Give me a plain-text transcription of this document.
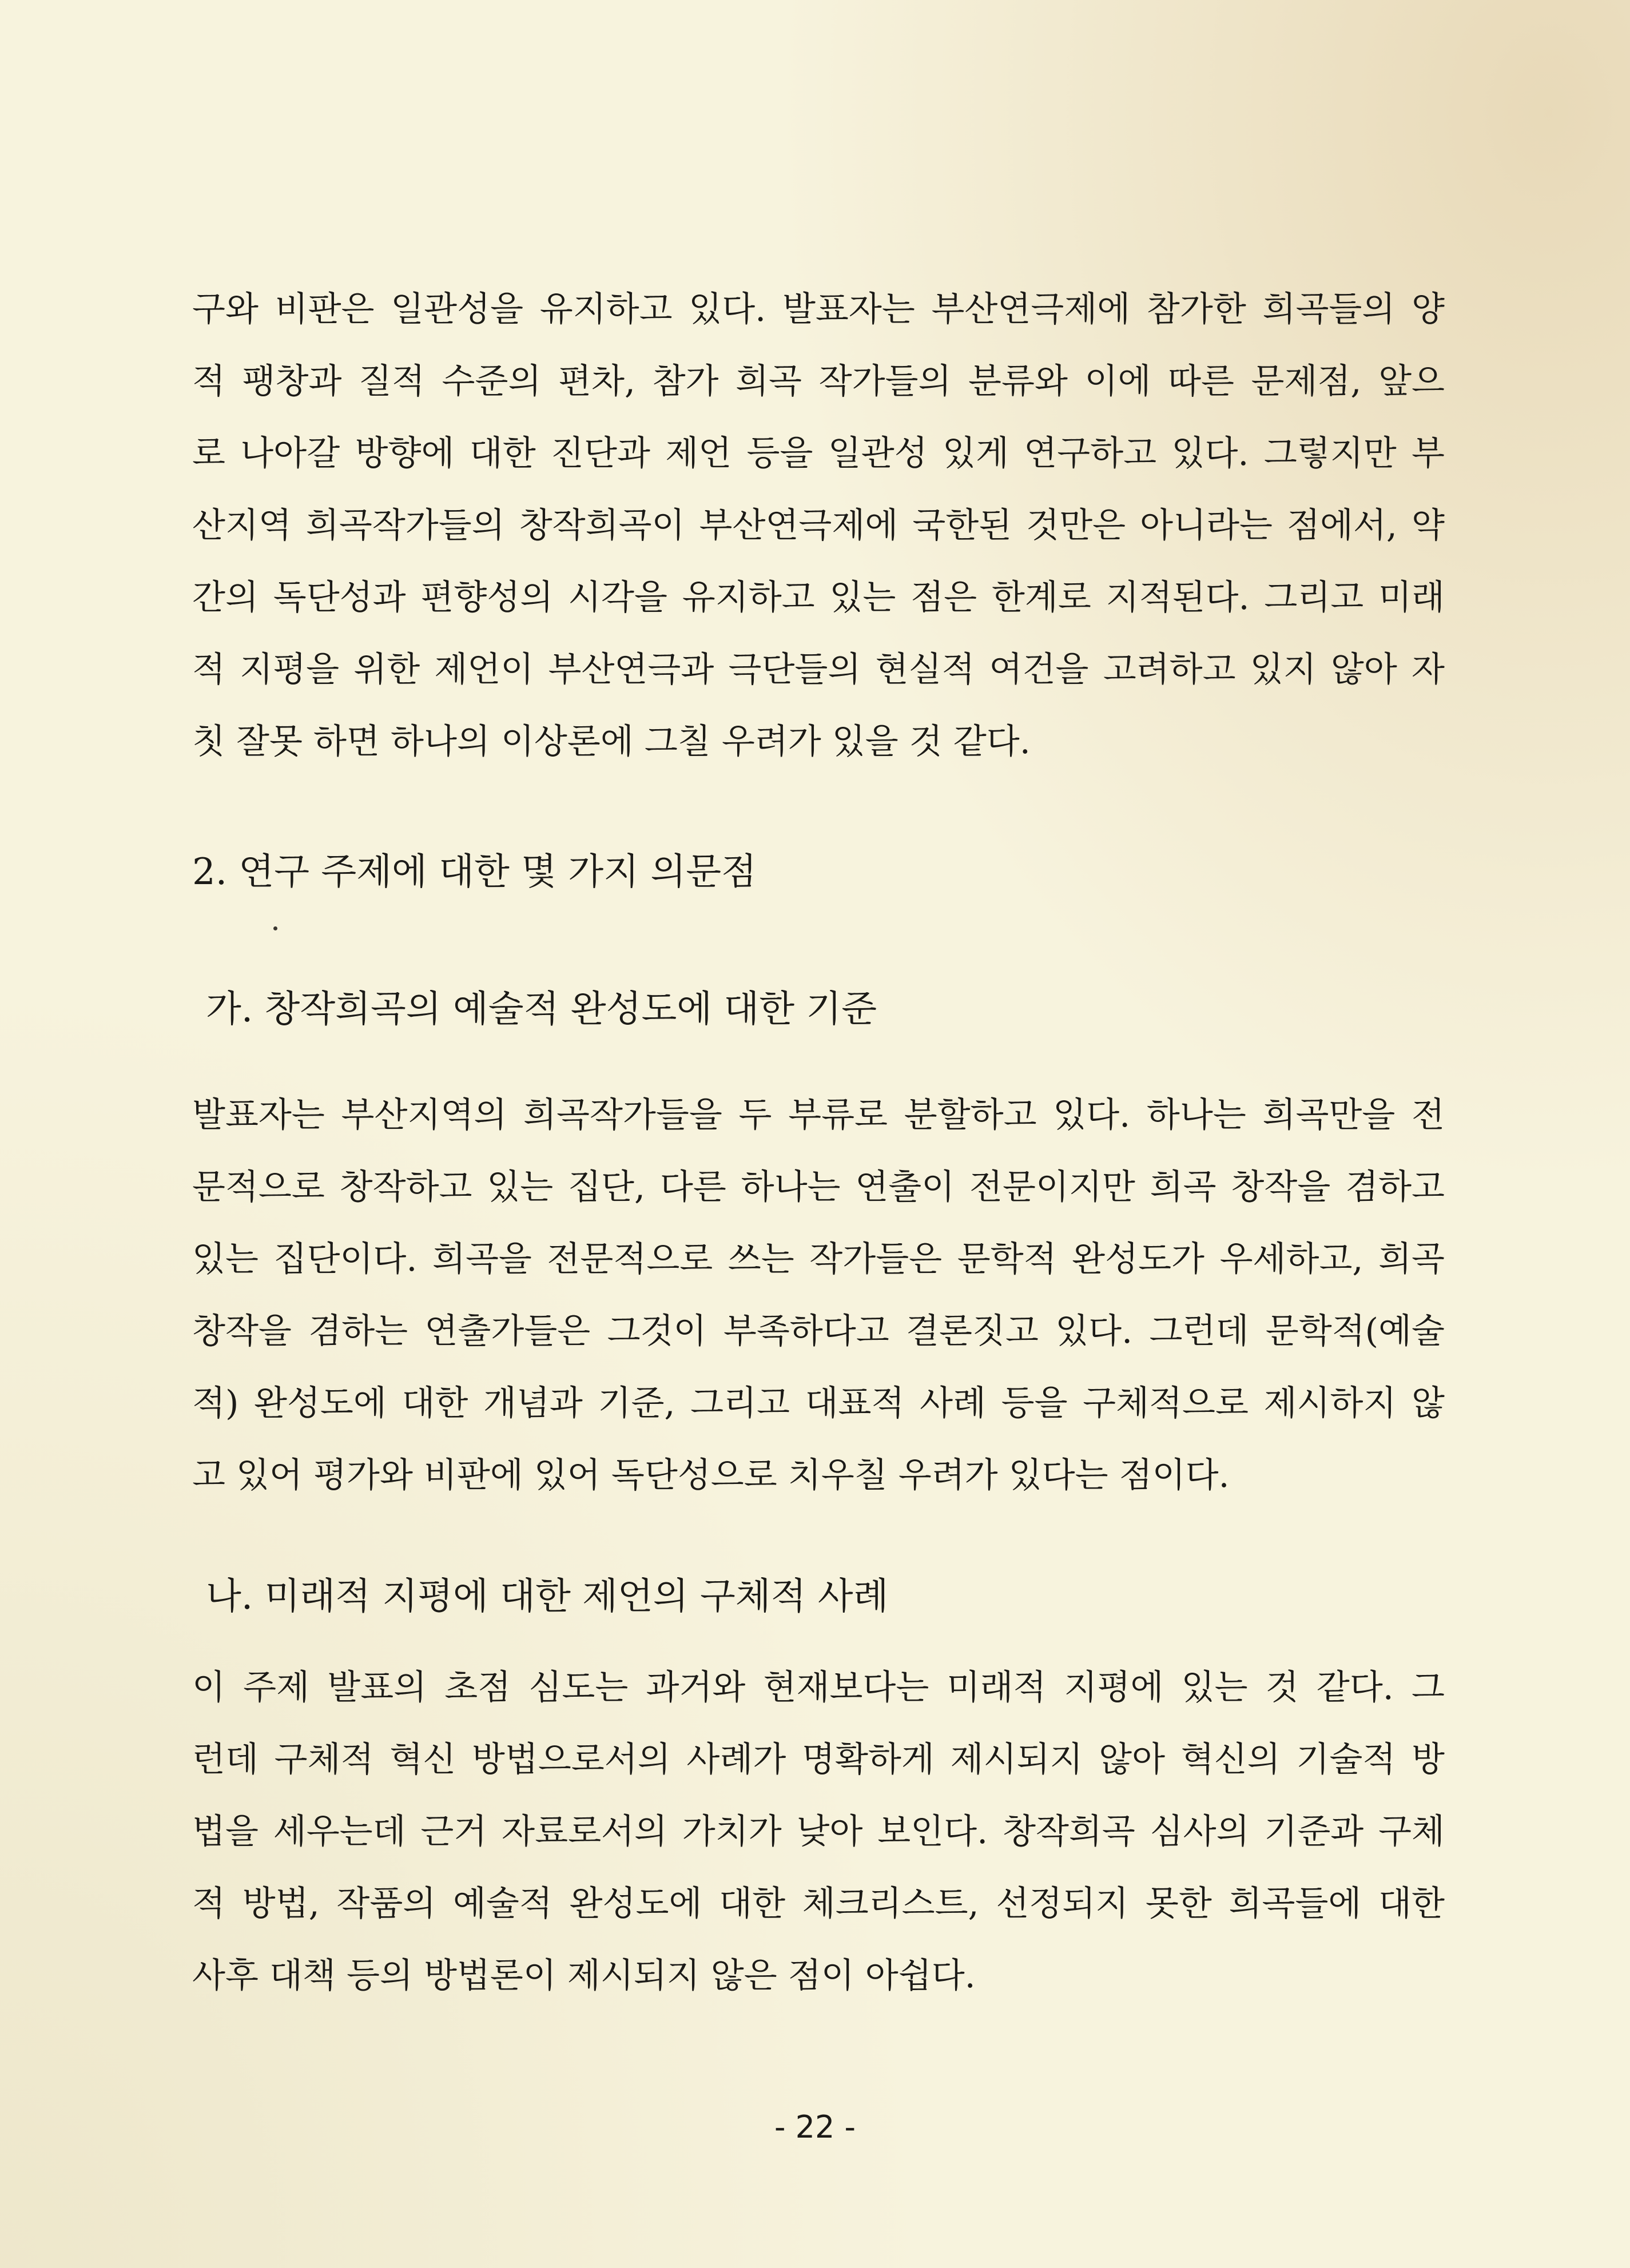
구와 비판은 일관성을 유지하고 있다. 발표자는 부산연극제에 참가한 희곡들의 양
적 팽창과 질적 수준의 편차, 참가 희곡 작가들의 분류와 이에 따른 문제점, 앞으
로 나아갈 방향에 대한 진단과 제언 등을 일관성 있게 연구하고 있다. 그렇지만 부
산지역 희곡작가들의 창작희곡이 부산연극제에 국한된 것만은 아니라는 점에서, 약
간의 독단성과 편향성의 시각을 유지하고 있는 점은 한계로 지적된다. 그리고 미래
적 지평을 위한 제언이 부산연극과 극단들의 현실적 여건을 고려하고 있지 않아 자
칫 잘못 하면 하나의 이상론에 그칠 우려가 있을 것 같다.

2. 연구 주제에 대한 몇 가지 의문점
가. 창작희곡의 예술적 완성도에 대한 기준

발표자는 부산지역의 희곡작가들을 두 부류로 분할하고 있다. 하나는 희곡만을 전
문적으로 창작하고 있는 집단, 다른 하나는 연출이 전문이지만 희곡 창작을 겸하고
있는 집단이다. 희곡을 전문적으로 쓰는 작가들은 문학적 완성도가 우세하고, 희곡
창작을 겸하는 연출가들은 그것이 부족하다고 결론짓고 있다. 그런데 문학적(예술
적) 완성도에 대한 개념과 기준, 그리고 대표적 사례 등을 구체적으로 제시하지 않
고 있어 평가와 비판에 있어 독단성으로 치우칠 우려가 있다는 점이다.

나. 미래적 지평에 대한 제언의 구체적 사례

이 주제 발표의 초점 심도는 과거와 현재보다는 미래적 지평에 있는 것 같다. 그
런데 구체적 혁신 방법으로서의 사례가 명확하게 제시되지 않아 혁신의 기술적 방
법을 세우는데 근거 자료로서의 가치가 낮아 보인다. 창작희곡 심사의 기준과 구체
적 방법, 작품의 예술적 완성도에 대한 체크리스트, 선정되지 못한 희곡들에 대한
사후 대책 등의 방법론이 제시되지 않은 점이 아쉽다.

- 22 -
